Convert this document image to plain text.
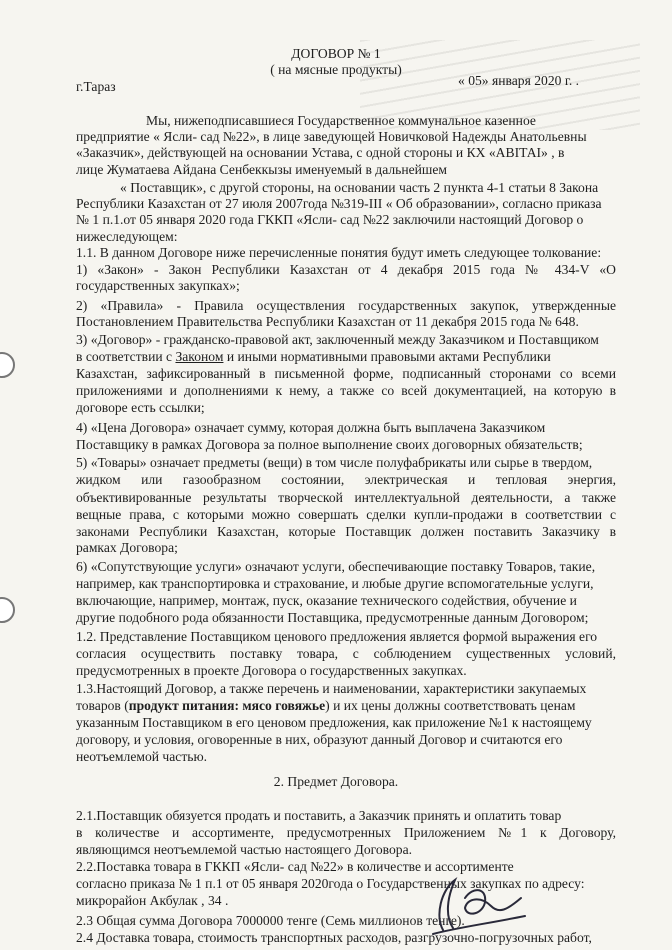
ДОГОВОР № 1
( на мясные продукты)
г.Тараз	« 05» января 2020 г. .
Мы, нижеподписавшиеся Государственное коммунальное казенное
предприятие « Ясли- сад №22», в лице заведующей Новичковой Надежды Анатольевны
«Заказчик», действующей на основании Устава, с одной стороны и КХ «АВІТАІ» , в
лице Жуматаева Айдана Сенбеккызы именуемый в дальнейшем
« Поставщик», с другой стороны, на основании часть 2 пункта 4-1 статьи 8 Закона
Республики Казахстан от 27 июля 2007года №319-III « Об образовании», согласно приказа
№ 1 п.1.от 05 января 2020 года ГККП «Ясли- сад №22 заключили настоящий Договор о
нижеследующем:
1.1. В данном Договоре ниже перечисленные понятия будут иметь следующее толкование:
1) «Закон» - Закон Республики Казахстан от 4 декабря 2015 года № 434-V «О
государственных закупках»;
2) «Правила» - Правила осуществления государственных закупок, утвержденные
Постановлением Правительства Республики Казахстан от 11 декабря 2015 года № 648.
3) «Договор» - гражданско-правовой акт, заключенный между Заказчиком и Поставщиком
в соответствии с Законом и иными нормативными правовыми актами Республики
Казахстан, зафиксированный в письменной форме, подписанный сторонами со всеми
приложениями и дополнениями к нему, а также со всей документацией, на которую в
договоре есть ссылки;
4) «Цена Договора» означает сумму, которая должна быть выплачена Заказчиком
Поставщику в рамках Договора за полное выполнение своих договорных обязательств;
5) «Товары» означает предметы (вещи) в том числе полуфабрикаты или сырье в твердом,
жидком или газообразном состоянии, электрическая и тепловая энергия,
объективированные результаты творческой интеллектуальной деятельности, а также
вещные права, с которыми можно совершать сделки купли-продажи в соответствии с
законами Республики Казахстан, которые Поставщик должен поставить Заказчику в
рамках Договора;
6) «Сопутствующие услуги» означают услуги, обеспечивающие поставку Товаров, такие,
например, как транспортировка и страхование, и любые другие вспомогательные услуги,
включающие, например, монтаж, пуск, оказание технического содействия, обучение и
другие подобного рода обязанности Поставщика, предусмотренные данным Договором;
1.2. Представление Поставщиком ценового предложения является формой выражения его
согласия осуществить поставку товара, с соблюдением существенных условий,
предусмотренных в проекте Договора о государственных закупках.
1.3.Настоящий Договор, а также перечень и наименовании, характеристики закупаемых
товаров (продукт питания: мясо говяжье) и их цены должны соответствовать ценам
указанным Поставщиком в его ценовом предложения, как приложение №1 к настоящему
договору, и условия, оговоренные в них, образуют данный Договор и считаются его
неотъемлемой частью.
2. Предмет Договора.
2.1.Поставщик обязуется продать и поставить, а Заказчик принять и оплатить товар
в количестве и ассортименте, предусмотренных Приложением №1 к Договору,
являющимся неотъемлемой частью настоящего Договора.
2.2.Поставка товара в ГККП «Ясли- сад №22» в количестве и ассортименте
согласно приказа № 1 п.1 от 05 января 2020года о Государственных закупках по адресу:
микрорайон Акбулак , 34 .
2.3 Общая сумма Договора 7000000 тенге (Семь миллионов тенге).
2.4 Доставка товара, стоимость транспортных расходов, разгрузочно-погрузочных работ,
